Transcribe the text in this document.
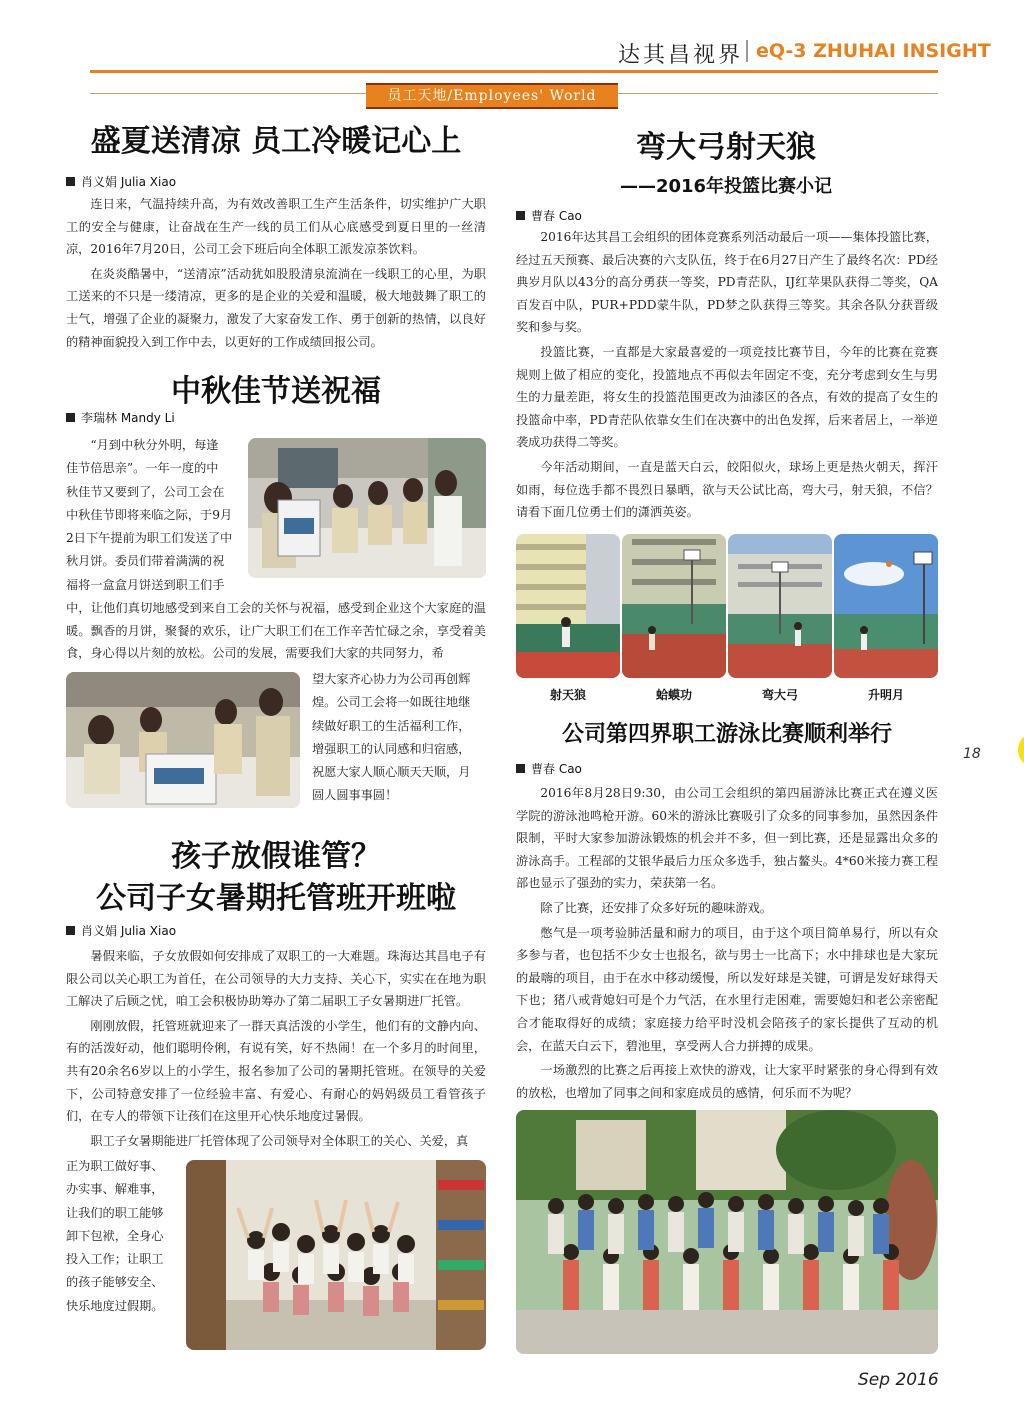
达其昌视界 eQ-3 ZHUHAI INSIGHT
员工天地/Employees' World
盛夏送清凉 员工冷暖记心上
肖义娟 Julia Xiao

连日来，气温持续升高，为有效改善职工生产生活条件，切实维护广大职工的安全与健康，让奋战在生产一线的员工们从心底感受到夏日里的一丝清凉，2016年7月20日，公司工会下班后向全体职工派发凉茶饮料。

在炎炎酷暑中，“送清凉”活动犹如股股清泉流淌在一线职工的心里，为职工送来的不只是一缕清凉，更多的是企业的关爱和温暖，极大地鼓舞了职工的士气，增强了企业的凝聚力，激发了大家奋发工作、勇于创新的热情，以良好的精神面貌投入到工作中去，以更好的工作成绩回报公司。

中秋佳节送祝福
李瑞林 Mandy Li
“月到中秋分外明，每逢
佳节倍思亲”。一年一度的中
秋佳节又要到了，公司工会在
中秋佳节即将来临之际，于9月
2日下午提前为职工们发送了中
秋月饼。委员们带着满满的祝
福将一盒盒月饼送到职工们手

中，让他们真切地感受到来自工会的关怀与祝福，感受到企业这个大家庭的温暖。飘香的月饼，聚餐的欢乐，让广大职工们在工作辛苦忙碌之余，享受着美食，身心得以片刻的放松。公司的发展，需要我们大家的共同努力，希

望大家齐心协力为公司再创辉
煌。公司工会将一如既往地继
续做好职工的生活福利工作，
增强职工的认同感和归宿感，
祝愿大家人顺心顺天天顺，月
圆人圆事事圆！
孩子放假谁管？
公司子女暑期托管班开班啦
肖义娟 Julia Xiao

暑假来临，子女放假如何安排成了双职工的一大难题。珠海达其昌电子有限公司以关心职工为首任，在公司领导的大力支持、关心下，实实在在地为职工解决了后顾之忧，咱工会积极协助筹办了第二届职工子女暑期进厂托管。

刚刚放假，托管班就迎来了一群天真活泼的小学生，他们有的文静内向、有的活泼好动，他们聪明伶俐，有说有笑，好不热闹！在一个多月的时间里，共有20余名6岁以上的小学生，报名参加了公司的暑期托管班。在领导的关爱下，公司特意安排了一位经验丰富、有爱心、有耐心的妈妈级员工看管孩子们，在专人的带领下让孩们在这里开心快乐地度过暑假。

职工子女暑期能进厂托管体现了公司领导对全体职工的关心、关爱，真

正为职工做好事、
办实事、解难事，
让我们的职工能够
卸下包袱，全身心
投入工作；让职工
的孩子能够安全、
快乐地度过假期。
弯大弓射天狼
——2016年投篮比赛小记
曹春 Cao

2016年达其昌工会组织的团体竞赛系列活动最后一项——集体投篮比赛，经过五天预赛、最后决赛的六支队伍，终于在6月27日产生了最终名次：PD经典岁月队以43分的高分勇获一等奖，PD青茫队，IJ红苹果队获得二等奖，QA百发百中队，PUR+PDD蒙牛队，PD梦之队获得三等奖。其余各队分获晋级奖和参与奖。

投篮比赛，一直都是大家最喜爱的一项竞技比赛节目，今年的比赛在竞赛规则上做了相应的变化，投篮地点不再似去年固定不变，充分考虑到女生与男生的力量差距，将女生的投篮范围更改为油漆区的各点，有效的提高了女生的投篮命中率，PD青茫队依靠女生们在决赛中的出色发挥，后来者居上，一举逆袭成功获得二等奖。

今年活动期间，一直是蓝天白云，皎阳似火，球场上更是热火朝天，挥汗如雨，每位选手都不畏烈日暴晒，欲与天公试比高，弯大弓，射天狼，不信？请看下面几位勇士们的潇洒英姿。

射天狼	蛤蟆功	弯大弓	升明月
公司第四界职工游泳比赛顺利举行
曹春 Cao

2016年8月28日9:30，由公司工会组织的第四届游泳比赛正式在遵义医学院的游泳池鸣枪开游。60米的游泳比赛吸引了众多的同事参加，虽然因条件限制，平时大家参加游泳锻炼的机会并不多，但一到比赛，还是显露出众多的游泳高手。工程部的艾银华最后力压众多选手，独占鳌头。4*60米接力赛工程部也显示了强劲的实力，荣获第一名。

除了比赛，还安排了众多好玩的趣味游戏。

憋气是一项考验肺活量和耐力的项目，由于这个项目简单易行，所以有众多参与者，也包括不少女士也报名，欲与男士一比高下；水中排球也是大家玩的最嗨的项目，由于在水中移动缓慢，所以发好球是关键，可谓是发好球得天下也；猪八戒背媳妇可是个力气活，在水里行走困难，需要媳妇和老公亲密配合才能取得好的成绩；家庭接力给平时没机会陪孩子的家长提供了互动的机会，在蓝天白云下，碧池里，享受两人合力拼搏的成果。

一场激烈的比赛之后再接上欢快的游戏，让大家平时紧张的身心得到有效的放松，也增加了同事之间和家庭成员的感情，何乐而不为呢？

18
Sep 2016
